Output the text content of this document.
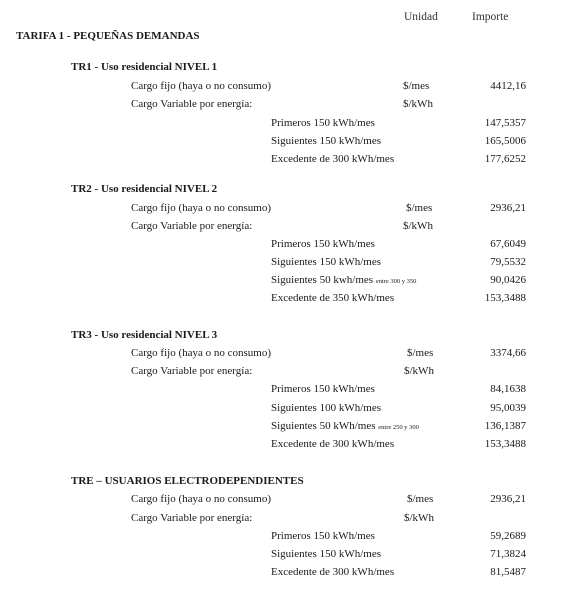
Unidad	Importe
TARIFA 1 - PEQUEÑAS DEMANDAS
TR1 - Uso residencial NIVEL 1
Cargo fijo (haya o no consumo)	$/mes	4412,16
Cargo Variable por energía:	$/kWh
Primeros 150 kWh/mes	147,5357
Siguientes 150 kWh/mes	165,5006
Excedente de 300 kWh/mes	177,6252
TR2 - Uso residencial NIVEL 2
Cargo fijo (haya o no consumo)	$/mes	2936,21
Cargo Variable por energía:	$/kWh
Primeros 150 kWh/mes	67,6049
Siguientes 150 kWh/mes	79,5532
Siguientes 50 kwh/mes entre 300 y 350	90,0426
Excedente de 350 kWh/mes	153,3488
TR3 - Uso residencial NIVEL 3
Cargo fijo (haya o no consumo)	$/mes	3374,66
Cargo Variable por energía:	$/kWh
Primeros 150 kWh/mes	84,1638
Siguientes 100 kWh/mes	95,0039
Siguientes 50 kWh/mes entre 250 y 300	136,1387
Excedente de 300 kWh/mes	153,3488
TRE – USUARIOS ELECTRODEPENDIENTES
Cargo fijo (haya o no consumo)	$/mes	2936,21
Cargo Variable por energía:	$/kWh
Primeros 150 kWh/mes	59,2689
Siguientes 150 kWh/mes	71,3824
Excedente de 300 kWh/mes	81,5487
